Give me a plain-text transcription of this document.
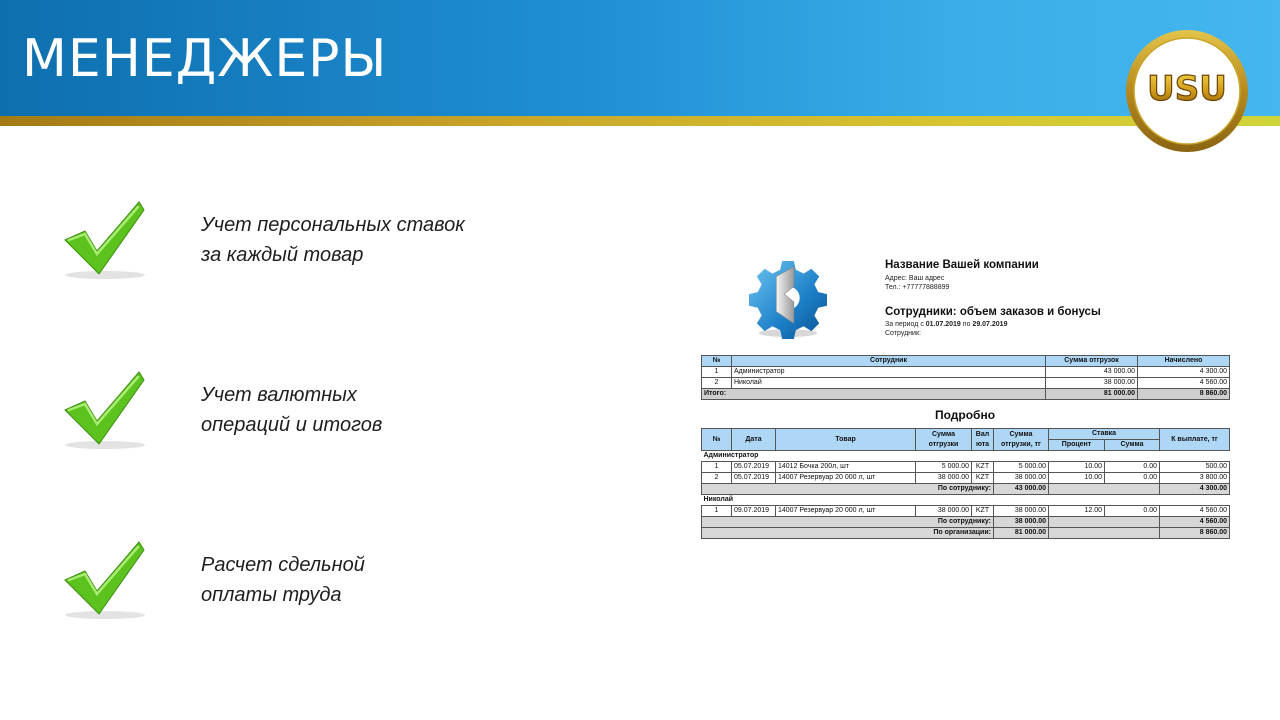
МЕНЕДЖЕРЫ	USU
Учет персональных ставок
за каждый товар
Учет валютных
операций и итогов
Расчет сдельной
оплаты труда
Название Вашей компании
Адрес: Ваш адрес
Тел.: +77777888899
Сотрудники: объем заказов и бонусы
За период с 01.07.2019 по 29.07.2019
Сотрудник:
№	Сотрудник	Сумма отгрузок	Начислено
1	Администратор	43 000.00	4 300.00
2	Николай	38 000.00	4 560.00
Итого:		81 000.00	8 860.00
Подробно
№	Дата	Товар	Сумма отгрузки	Вал юта	Сумма отгрузки, тг	Ставка		К выплате, тг
						Процент	Сумма	
Администратор								
1	05.07.2019	14012 Бочка 200л, шт	5 000.00	KZT	5 000.00	10.00	0.00	500.00
2	05.07.2019	14007 Резервуар 20 000 л, шт	38 000.00	KZT	38 000.00	10.00	0.00	3 800.00
По сотруднику:					43 000.00			4 300.00
Николай								
1	09.07.2019	14007 Резервуар 20 000 л, шт	38 000.00	KZT	38 000.00	12.00	0.00	4 560.00
По сотруднику:					38 000.00			4 560.00
По организации:					81 000.00			8 860.00
